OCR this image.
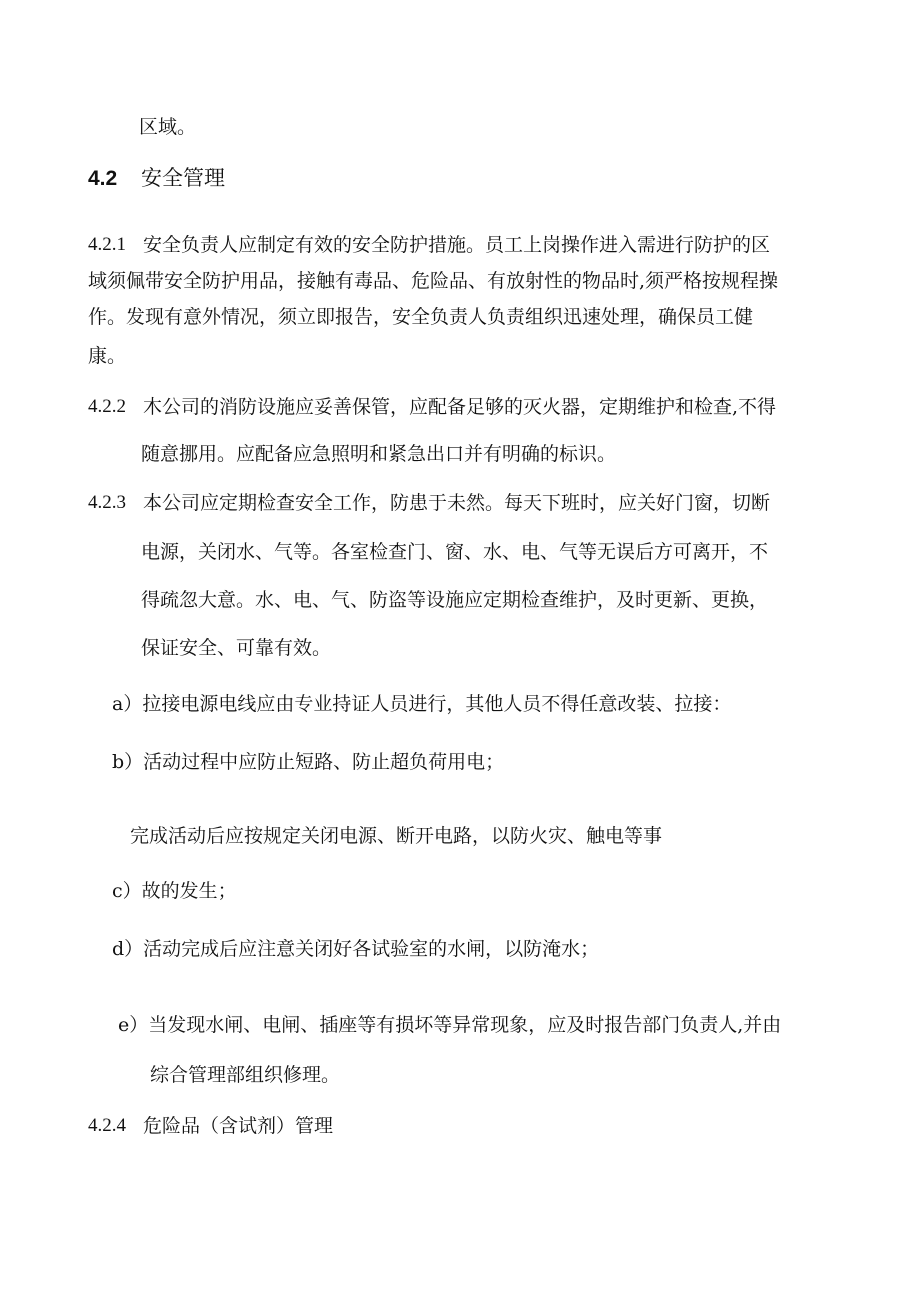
区域。
4.2 安全管理
4.2.1 安全负责人应制定有效的安全防护措施。员工上岗操作进入需进行防护的区
域须佩带安全防护用品，接触有毒品、危险品、有放射性的物品时,须严格按规程操
作。发现有意外情况，须立即报告，安全负责人负责组织迅速处理，确保员工健
康。
4.2.2 木公司的消防设施应妥善保管，应配备足够的灭火器，定期维护和检查,不得
随意挪用。应配备应急照明和紧急出口并有明确的标识。
4.2.3 本公司应定期检查安全工作，防患于未然。每天下班时，应关好门窗，切断
电源，关闭水、气等。各室检查门、窗、水、电、气等无误后方可离开，不
得疏忽大意。水、电、气、防盗等设施应定期检查维护，及时更新、更换，
保证安全、可靠有效。
a）拉接电源电线应由专业持证人员进行，其他人员不得任意改装、拉接：
b）活动过程中应防止短路、防止超负荷用电；
完成活动后应按规定关闭电源、断开电路，以防火灾、触电等事
c）故的发生；
d）活动完成后应注意关闭好各试验室的水闸，以防淹水；
e）当发现水闸、电闸、插座等有损坏等异常现象，应及时报告部门负责人,并由
综合管理部组织修理。
4.2.4 危险品（含试剂）管理
